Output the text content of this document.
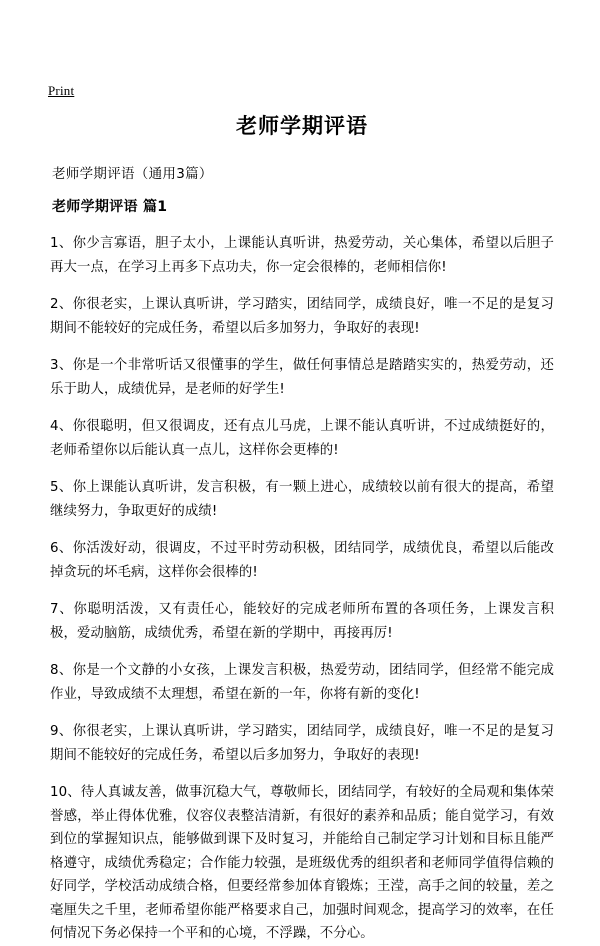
Print
老师学期评语
老师学期评语（通用3篇）
老师学期评语 篇1

1、你少言寡语，胆子太小，上课能认真听讲，热爱劳动，关心集体，希望以后胆子再大一点，在学习上再多下点功夫，你一定会很棒的，老师相信你!

2、你很老实，上课认真听讲，学习踏实，团结同学，成绩良好，唯一不足的是复习期间不能较好的完成任务，希望以后多加努力，争取好的表现!

3、你是一个非常听话又很懂事的学生，做任何事情总是踏踏实实的，热爱劳动，还乐于助人，成绩优异，是老师的好学生!

4、你很聪明，但又很调皮，还有点儿马虎，上课不能认真听讲，不过成绩挺好的，老师希望你以后能认真一点儿，这样你会更棒的!

5、你上课能认真听讲，发言积极，有一颗上进心，成绩较以前有很大的提高，希望继续努力，争取更好的成绩!

6、你活泼好动，很调皮，不过平时劳动积极，团结同学，成绩优良，希望以后能改掉贪玩的坏毛病，这样你会很棒的!

7、你聪明活泼，又有责任心，能较好的完成老师所布置的各项任务，上课发言积极，爱动脑筋，成绩优秀，希望在新的学期中，再接再厉!

8、你是一个文静的小女孩，上课发言积极，热爱劳动，团结同学，但经常不能完成作业，导致成绩不太理想，希望在新的一年，你将有新的变化!

9、你很老实，上课认真听讲，学习踏实，团结同学，成绩良好，唯一不足的是复习期间不能较好的完成任务，希望以后多加努力，争取好的表现!

10、待人真诚友善，做事沉稳大气，尊敬师长，团结同学，有较好的全局观和集体荣誉感，举止得体优雅，仪容仪表整洁清新，有很好的素养和品质；能自觉学习，有效到位的掌握知识点，能够做到课下及时复习，并能给自己制定学习计划和目标且能严格遵守，成绩优秀稳定；合作能力较强，是班级优秀的组织者和老师同学值得信赖的好同学，学校活动成绩合格，但要经常参加体育锻炼；王滢，高手之间的较量，差之毫厘失之千里，老师希望你能严格要求自己，加强时间观念，提高学习的效率，在任何情况下务必保持一个平和的心境，不浮躁，不分心。
